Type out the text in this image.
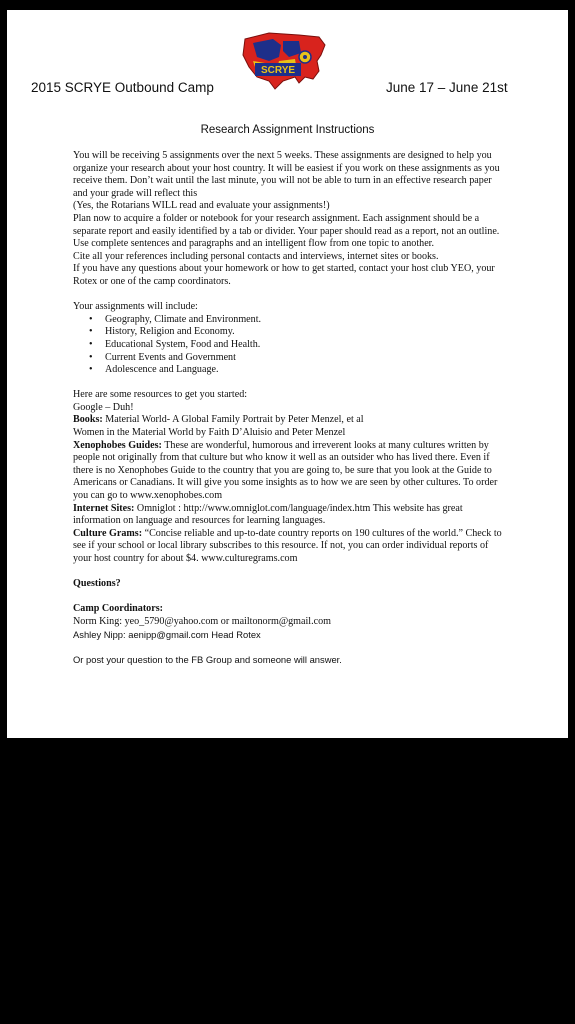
SCRYE
2015 SCRYE Outbound Camp	June 17 – June 21st
Research Assignment Instructions

You will be receiving 5 assignments over the next 5 weeks. These assignments are designed to help you organize your research about your host country. It will be easiest if you work on these assignments as you receive them. Don’t wait until the last minute, you will not be able to turn in an effective research paper and your grade will reflect this

(Yes, the Rotarians WILL read and evaluate your assignments!)

Plan now to acquire a folder or notebook for your research assignment. Each assignment should be a separate report and easily identified by a tab or divider. Your paper should read as a report, not an outline. Use complete sentences and paragraphs and an intelligent flow from one topic to another.

Cite all your references including personal contacts and interviews, internet sites or books.

If you have any questions about your homework or how to get started, contact your host club YEO, your Rotex or one of the camp coordinators.

Your assignments will include:

• Geography, Climate and Environment.
• History, Religion and Economy.
• Educational System, Food and Health.
• Current Events and Government
• Adolescence and Language.

Here are some resources to get you started:

Google – Duh!

Books: Material World- A Global Family Portrait by Peter Menzel, et al

Women in the Material World by Faith D’Aluisio and Peter Menzel

Xenophobes Guides: These are wonderful, humorous and irreverent looks at many cultures written by people not originally from that culture but who know it well as an outsider who has lived there. Even if there is no Xenophobes Guide to the country that you are going to, be sure that you look at the Guide to Americans or Canadians. It will give you some insights as to how we are seen by other cultures. To order you can go to www.xenophobes.com

Internet Sites: Omniglot : http://www.omniglot.com/language/index.htm This website has great information on language and resources for learning languages.

Culture Grams: “Concise reliable and up-to-date country reports on 190 cultures of the world.” Check to see if your school or local library subscribes to this resource. If not, you can order individual reports of your host country for about $4. www.culturegrams.com

Questions?

Camp Coordinators:

Norm King: yeo_5790@yahoo.com or mailtonorm@gmail.com

Ashley Nipp: aenipp@gmail.com Head Rotex

Or post your question to the FB Group and someone will answer.
